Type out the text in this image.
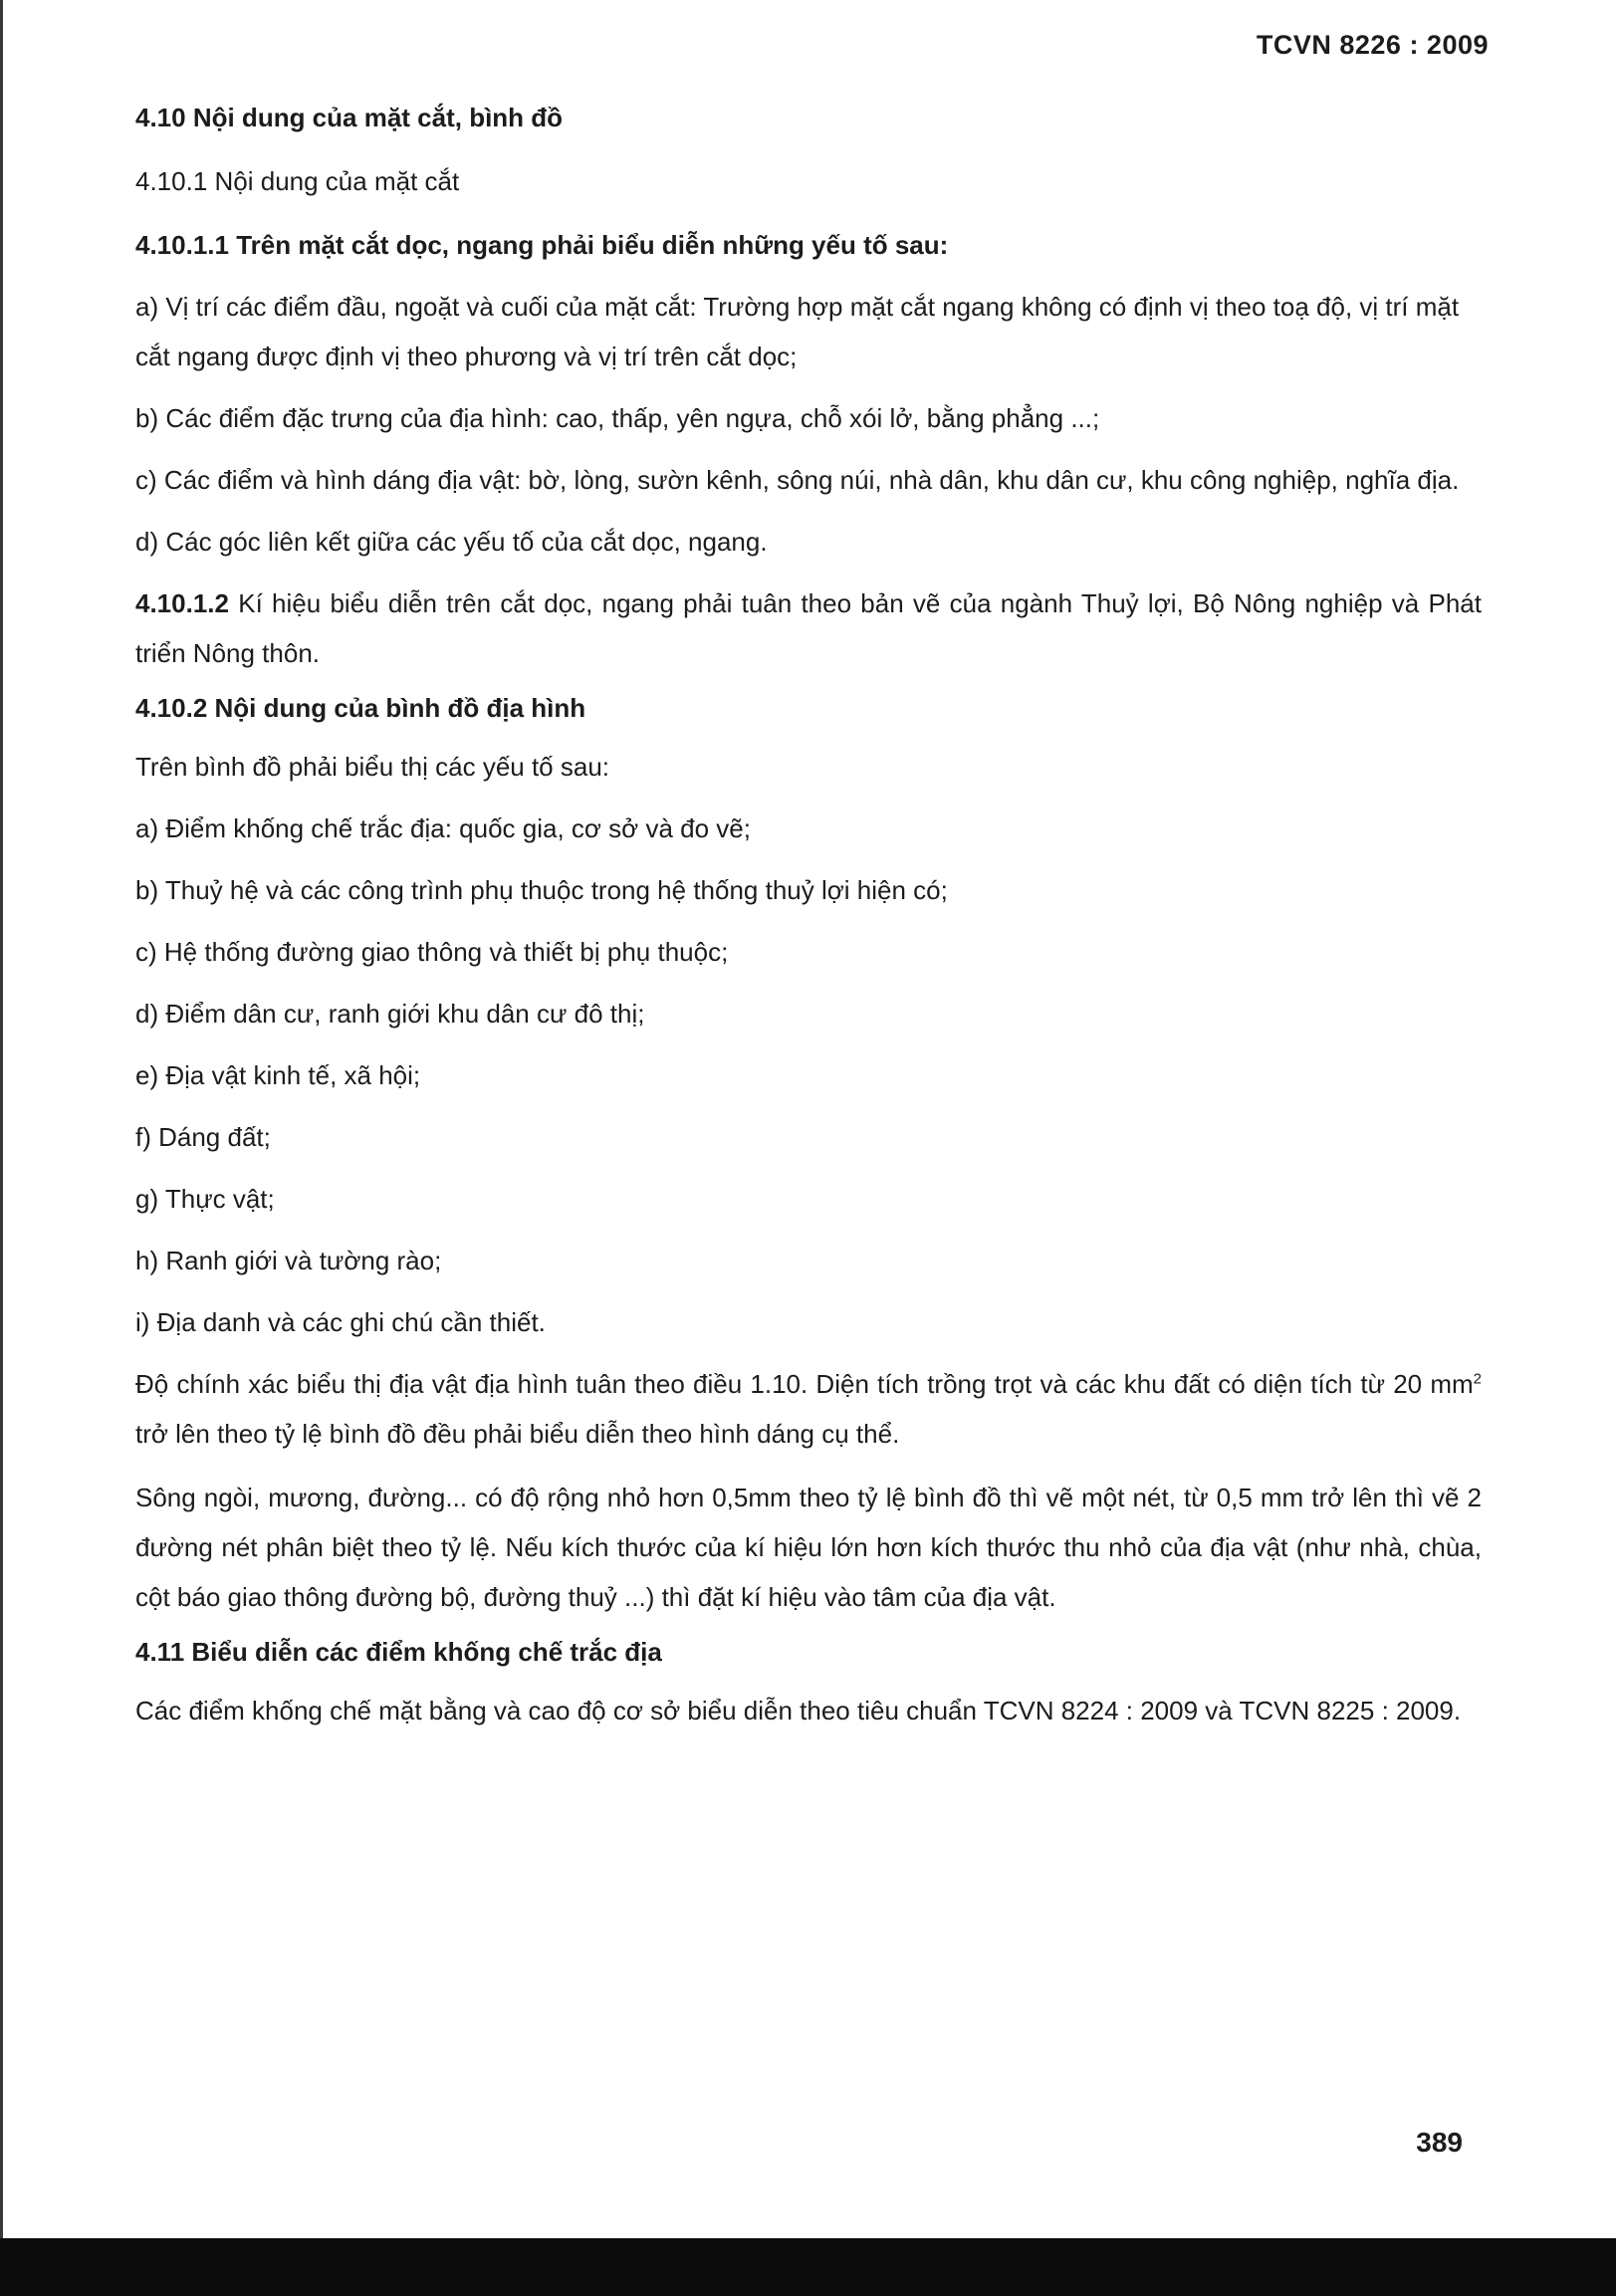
TCVN 8226 : 2009
4.10 Nội dung của mặt cắt, bình đồ
4.10.1 Nội dung của mặt cắt
4.10.1.1 Trên mặt cắt dọc, ngang phải biểu diễn những yếu tố sau:
a) Vị trí các điểm đầu, ngoặt và cuối của mặt cắt: Trường hợp mặt cắt ngang không có định vị theo toạ độ, vị trí mặt cắt ngang được định vị theo phương và vị trí trên cắt dọc;
b) Các điểm đặc trưng của địa hình: cao, thấp, yên ngựa, chỗ xói lở, bằng phẳng ...;
c) Các điểm và hình dáng địa vật: bờ, lòng, sườn kênh, sông núi, nhà dân, khu dân cư, khu công nghiệp, nghĩa địa.
d) Các góc liên kết giữa các yếu tố của cắt dọc, ngang.
4.10.1.2 Kí hiệu biểu diễn trên cắt dọc, ngang phải tuân theo bản vẽ của ngành Thuỷ lợi, Bộ Nông nghiệp và Phát triển Nông thôn.
4.10.2 Nội dung của bình đồ địa hình
Trên bình đồ phải biểu thị các yếu tố sau:
a) Điểm khống chế trắc địa: quốc gia, cơ sở và đo vẽ;
b) Thuỷ hệ và các công trình phụ thuộc trong hệ thống thuỷ lợi hiện có;
c) Hệ thống đường giao thông và thiết bị phụ thuộc;
d) Điểm dân cư, ranh giới khu dân cư đô thị;
e) Địa vật kinh tế, xã hội;
f) Dáng đất;
g) Thực vật;
h) Ranh giới và tường rào;
i) Địa danh và các ghi chú cần thiết.
Độ chính xác biểu thị địa vật địa hình tuân theo điều 1.10. Diện tích trồng trọt và các khu đất có diện tích từ 20 $mm^2$ trở lên theo tỷ lệ bình đồ đều phải biểu diễn theo hình dáng cụ thể.
Sông ngòi, mương, đường... có độ rộng nhỏ hơn 0,5mm theo tỷ lệ bình đồ thì vẽ một nét, từ 0,5 mm trở lên thì vẽ 2 đường nét phân biệt theo tỷ lệ. Nếu kích thước của kí hiệu lớn hơn kích thước thu nhỏ của địa vật (như nhà, chùa, cột báo giao thông đường bộ, đường thuỷ ...) thì đặt kí hiệu vào tâm của địa vật.
4.11 Biểu diễn các điểm khống chế trắc địa
Các điểm khống chế mặt bằng và cao độ cơ sở biểu diễn theo tiêu chuẩn TCVN 8224 : 2009 và TCVN 8225 : 2009.
389
